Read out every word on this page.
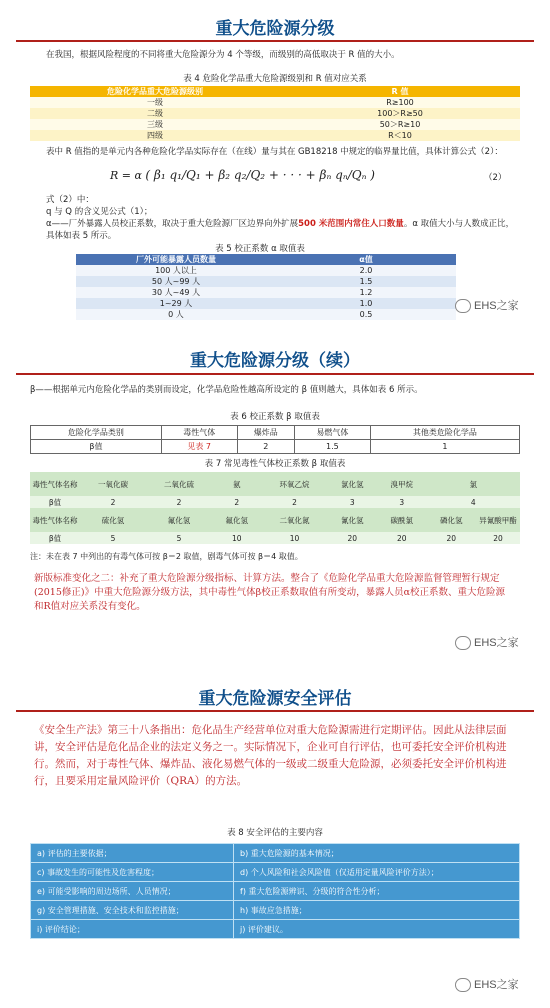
重大危险源分级
在我国，根据风险程度的不同将重大危险源分为 4 个等级，而级别的高低取决于 R 值的大小。
表 4 危险化学品重大危险源级别和 R 值对应关系
危险化学品重大危险源级别	R 值
一级	R≥100
二级	100＞R≥50
三级	50＞R≥10
四级	R＜10
表中 R 值指的是单元内各种危险化学品实际存在（在线）量与其在 GB18218 中规定的临界量比值，具体计算公式（2）：
R = α ( β₁ q₁/Q₁ + β₂ q₂/Q₂ + · · · + βₙ qₙ/Qₙ )	（2）
式（2）中：
q 与 Q 的含义见公式（1）；
α——厂外暴露人员校正系数，取决于重大危险源厂区边界向外扩展500 米范围内常住人口数量。α 取值大小与人数成正比，具体如表 5 所示。
表 5 校正系数 α 取值表
厂外可能暴露人员数量	α值
100 人以上	2.0
50 人~99 人	1.5
30 人~49 人	1.2
1~29 人	1.0
0 人	0.5
EHS之家
重大危险源分级（续）
β——根据单元内危险化学品的类别而设定，化学品危险性越高所设定的 β 值则越大，具体如表 6 所示。
表 6 校正系数 β 取值表
危险化学品类别	毒性气体	爆炸品	易燃气体	其他类危险化学品
β值	见表 7	2	1.5	1
表 7 常见毒性气体校正系数 β 取值表
毒性气体名称	一氧化碳	二氧化硫	氨	环氧乙烷	氯化氢	溴甲烷	氯	
β值	2	2	2	2	3	3	4	
毒性气体名称	硫化氢	氟化氢	氟化氢	二氧化氮	氰化氢	碳酰氯	磷化氢	异氰酸甲酯
β值	5	5	10	10	20	20	20	20
注：未在表 7 中列出的有毒气体可按 β＝2 取值，剧毒气体可按 β＝4 取值。
新版标准变化之二：补充了重大危险源分级指标、计算方法。整合了《危险化学品重大危险源监督管理暂行规定(2015修正)》中重大危险源分级方法，其中毒性气体β校正系数取值有所变动，暴露人员α校正系数、重大危险源和R值对应关系没有变化。
EHS之家
重大危险源安全评估
《安全生产法》第三十八条指出：危化品生产经营单位对重大危险源需进行定期评估。因此从法律层面讲，安全评估是危化品企业的法定义务之一。实际情况下，企业可自行评估，也可委托安全评价机构进行。然而，对于毒性气体、爆炸品、液化易燃气体的一级或二级重大危险源，必须委托安全评价机构进行，且要采用定量风险评价（QRA）的方法。
表 8 安全评估的主要内容
a) 评估的主要依据；	b) 重大危险源的基本情况；
c) 事故发生的可能性及危害程度；	d) 个人风险和社会风险值（仅适用定量风险评价方法）；
e) 可能受影响的周边场所、人员情况；	f) 重大危险源辨识、分级的符合性分析；
g) 安全管理措施、安全技术和监控措施；	h) 事故应急措施；
i) 评价结论；	j) 评价建议。
EHS之家
